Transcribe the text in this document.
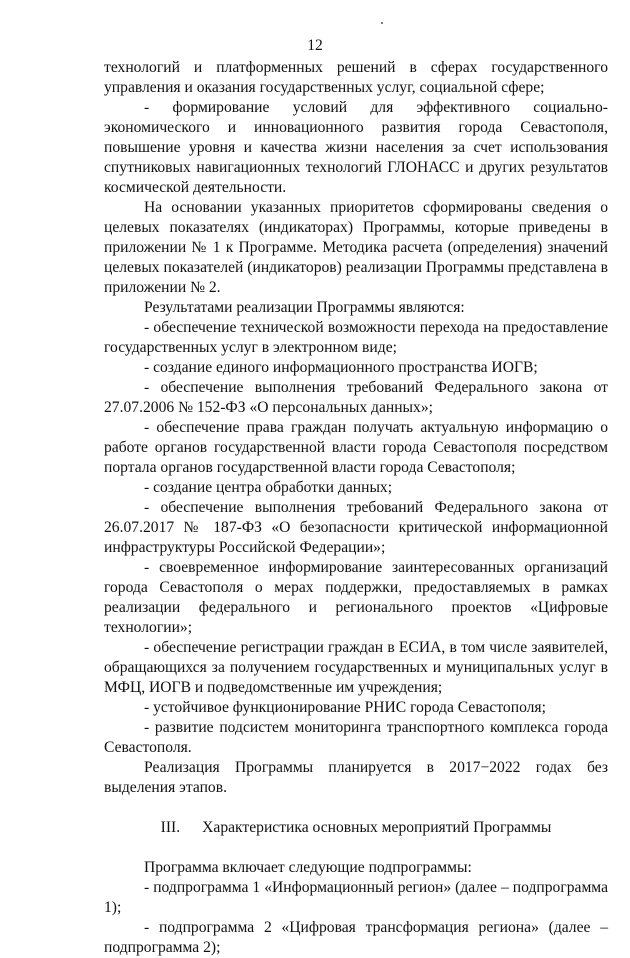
12

технологий и платформенных решений в сферах государственного управления и оказания государственных услуг, социальной сфере;

- формирование условий для эффективного социально-экономического и инновационного развития города Севастополя, повышение уровня и качества жизни населения за счет использования спутниковых навигационных технологий ГЛОНАСС и других результатов космической деятельности.

На основании указанных приоритетов сформированы сведения о целевых показателях (индикаторах) Программы, которые приведены в приложении № 1 к Программе. Методика расчета (определения) значений целевых показателей (индикаторов) реализации Программы представлена в приложении № 2.

Результатами реализации Программы являются:

- обеспечение технической возможности перехода на предоставление государственных услуг в электронном виде;

- создание единого информационного пространства ИОГВ;

- обеспечение выполнения требований Федерального закона от 27.07.2006 № 152-ФЗ «О персональных данных»;

- обеспечение права граждан получать актуальную информацию о работе органов государственной власти города Севастополя посредством портала органов государственной власти города Севастополя;

- создание центра обработки данных;

- обеспечение выполнения требований Федерального закона от 26.07.2017 № 187-ФЗ «О безопасности критической информационной инфраструктуры Российской Федерации»;

- своевременное информирование заинтересованных организаций города Севастополя о мерах поддержки, предоставляемых в рамках реализации федерального и регионального проектов «Цифровые технологии»;

- обеспечение регистрации граждан в ЕСИА, в том числе заявителей, обращающихся за получением государственных и муниципальных услуг в МФЦ, ИОГВ и подведомственные им учреждения;

- устойчивое функционирование РНИС города Севастополя;

- развитие подсистем мониторинга транспортного комплекса города Севастополя.

Реализация Программы планируется в 2017−2022 годах без выделения этапов.

III. Характеристика основных мероприятий Программы

Программа включает следующие подпрограммы:

- подпрограмма 1 «Информационный регион» (далее – подпрограмма 1);

- подпрограмма 2 «Цифровая трансформация региона» (далее – подпрограмма 2);
